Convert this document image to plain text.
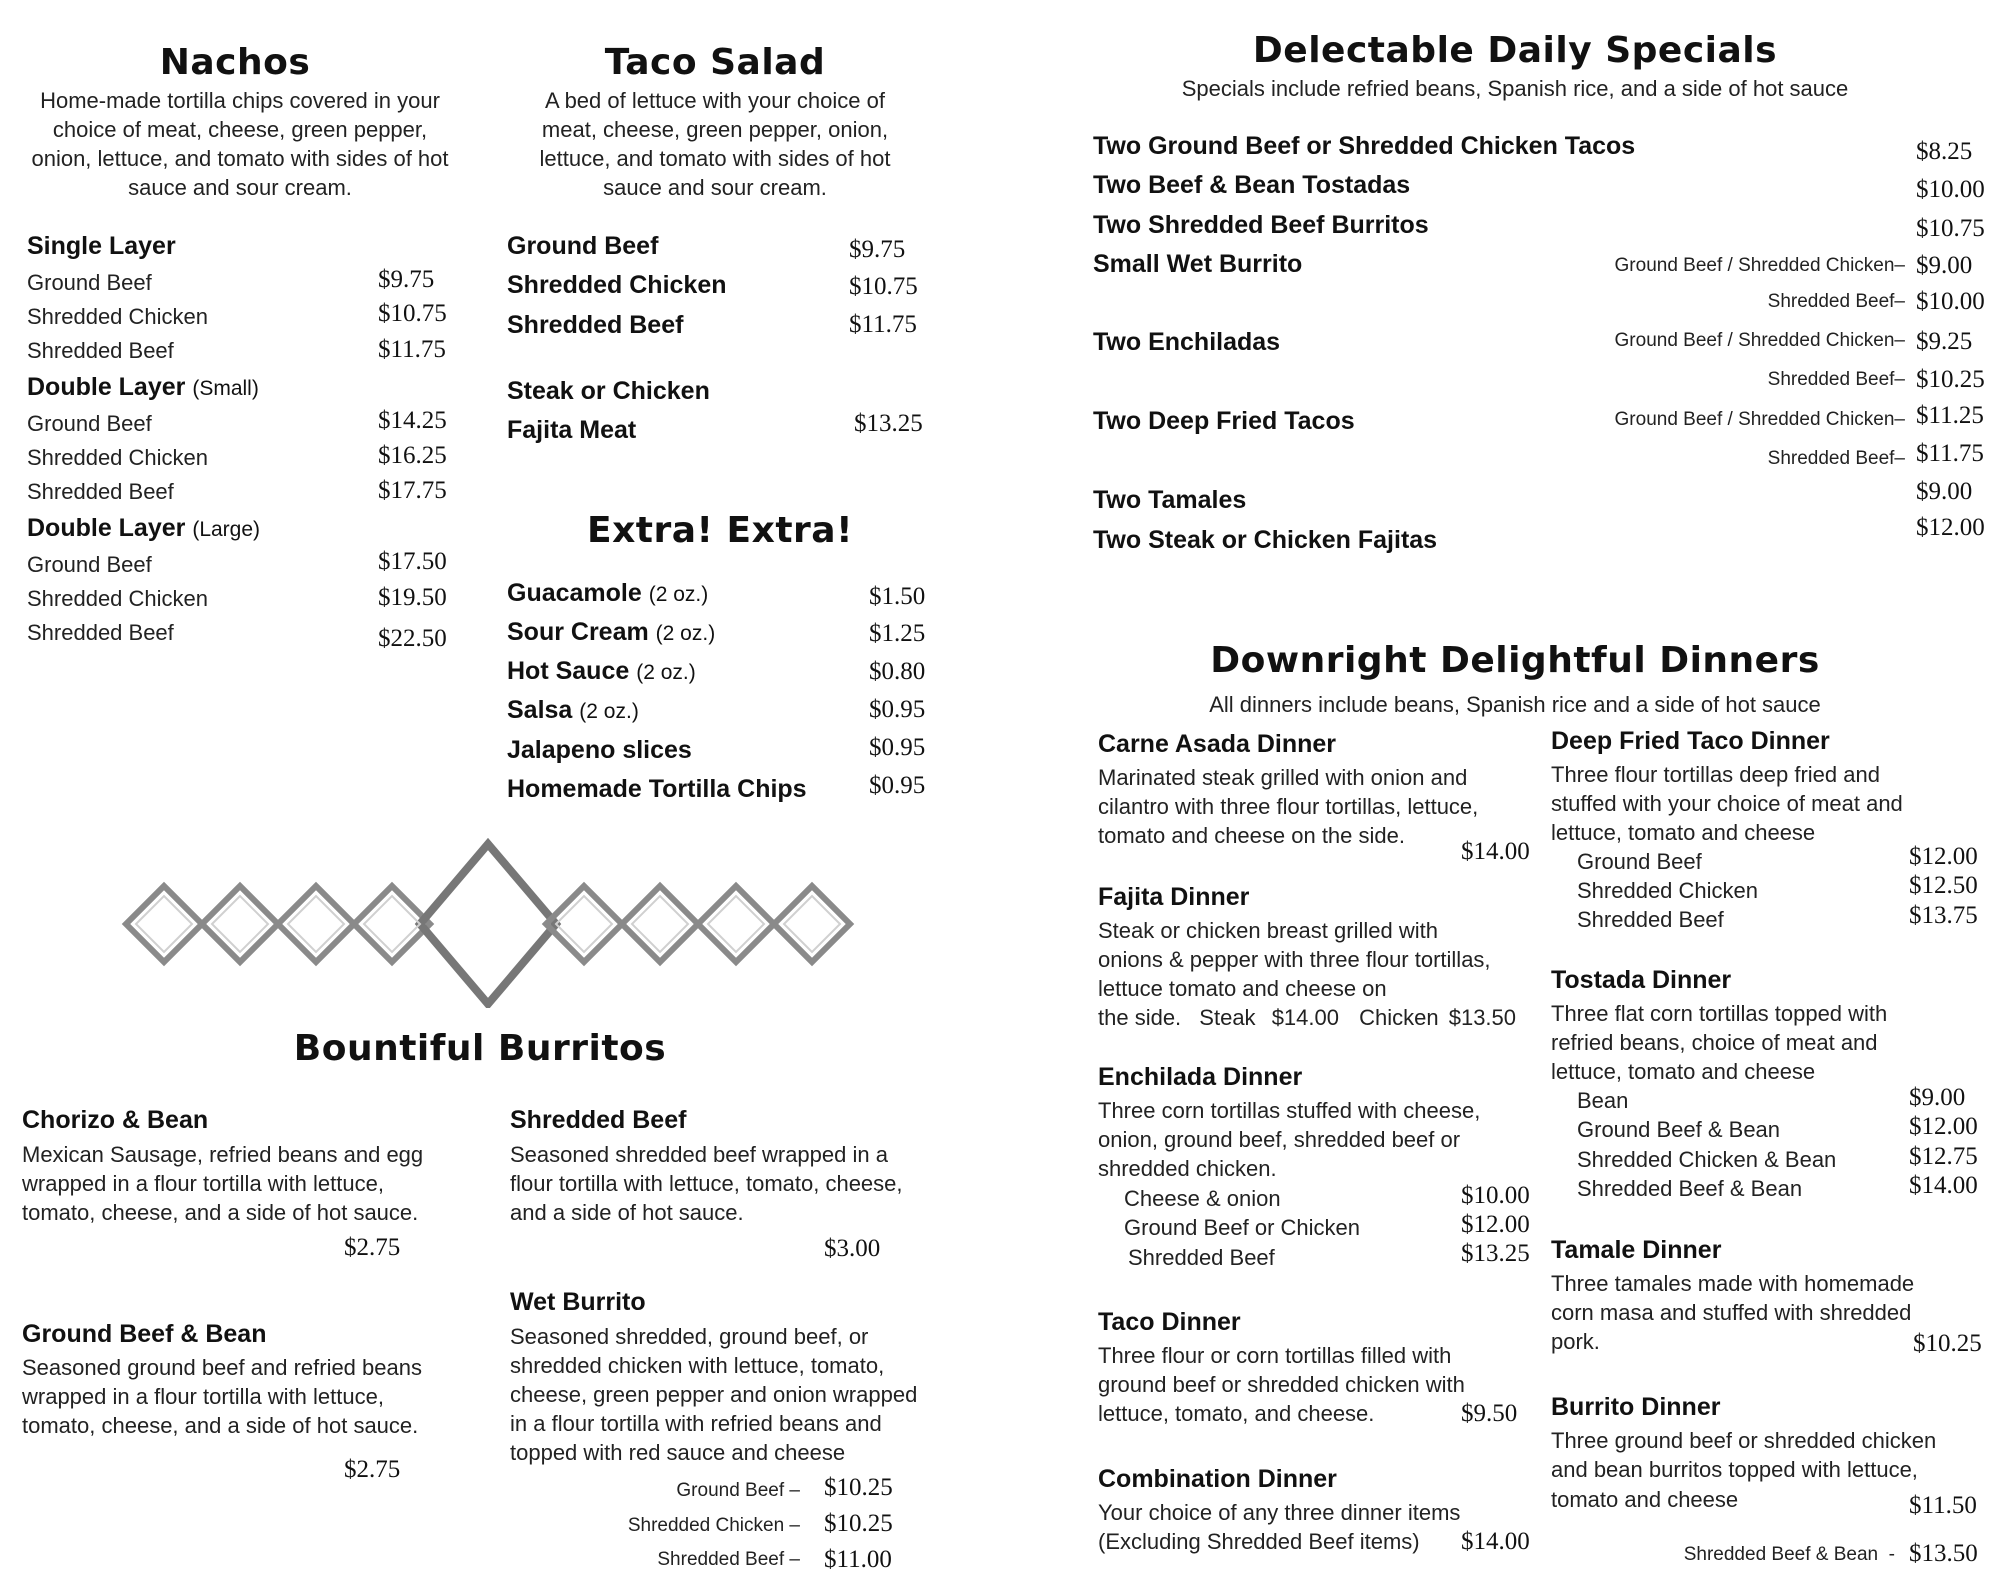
Nachos
Home-made tortilla chips covered in your choice of meat, cheese, green pepper, onion, lettuce, and tomato with sides of hot sauce and sour cream.
Single Layer
Ground Beef	$9.75
Shredded Chicken	$10.75
Shredded Beef	$11.75
Double Layer (Small)
Ground Beef	$14.25
Shredded Chicken	$16.25
Shredded Beef	$17.75
Double Layer (Large)
Ground Beef	$17.50
Shredded Chicken	$19.50
Shredded Beef	$22.50
Taco Salad
A bed of lettuce with your choice of meat, cheese, green pepper, onion, lettuce, and tomato with sides of hot sauce and sour cream.
Ground Beef	$9.75
Shredded Chicken	$10.75
Shredded Beef	$11.75
Steak or Chicken
Fajita Meat	$13.25
Extra! Extra!
Guacamole (2 oz.)	$1.50
Sour Cream (2 oz.)	$1.25
Hot Sauce (2 oz.)	$0.80
Salsa (2 oz.)	$0.95
Jalapeno slices	$0.95
Homemade Tortilla Chips $0.95
Bountiful Burritos
Chorizo & Bean
Mexican Sausage, refried beans and egg wrapped in a flour tortilla with lettuce, tomato, cheese, and a side of hot sauce.
$2.75
Ground Beef & Bean
Seasoned ground beef and refried beans wrapped in a flour tortilla with lettuce, tomato, cheese, and a side of hot sauce.
$2.75
Shredded Beef
Seasoned shredded beef wrapped in a flour tortilla with lettuce, tomato, cheese, and a side of hot sauce.
$3.00
Wet Burrito
Seasoned shredded, ground beef, or shredded chicken with lettuce, tomato, cheese, green pepper and onion wrapped in a flour tortilla with refried beans and topped with red sauce and cheese
Ground Beef – $10.25
Shredded Chicken – $10.25
Shredded Beef – $11.00
Delectable Daily Specials
Specials include refried beans, Spanish rice, and a side of hot sauce
Two Ground Beef or Shredded Chicken Tacos	$8.25
Two Beef & Bean Tostadas	$10.00
Two Shredded Beef Burritos	$10.75
Small Wet Burrito	Ground Beef / Shredded Chicken– $9.00
Shredded Beef– $10.00
Two Enchiladas	Ground Beef / Shredded Chicken– $9.25
Shredded Beef– $10.25
Two Deep Fried Tacos	Ground Beef / Shredded Chicken– $11.25
Shredded Beef– $11.75
Two Tamales	$9.00
Two Steak or Chicken Fajitas	$12.00
Downright Delightful Dinners
All dinners include beans, Spanish rice and a side of hot sauce
Carne Asada Dinner
Marinated steak grilled with onion and cilantro with three flour tortillas, lettuce, tomato and cheese on the side.
$14.00
Fajita Dinner
Steak or chicken breast grilled with onions & pepper with three flour tortillas, lettuce tomato and cheese on
the side. Steak $14.00 Chicken $13.50
Enchilada Dinner
Three corn tortillas stuffed with cheese, onion, ground beef, shredded beef or shredded chicken.
Cheese & onion	$10.00
Ground Beef or Chicken	$12.00
Shredded Beef	$13.25
Taco Dinner
Three flour or corn tortillas filled with ground beef or shredded chicken with
lettuce, tomato, and cheese.	$9.50
Combination Dinner
Your choice of any three dinner items
(Excluding Shredded Beef items) $14.00
Deep Fried Taco Dinner
Three flour tortillas deep fried and stuffed with your choice of meat and lettuce, tomato and cheese
Ground Beef	$12.00
Shredded Chicken	$12.50
Shredded Beef	$13.75
Tostada Dinner
Three flat corn tortillas topped with refried beans, choice of meat and lettuce, tomato and cheese
Bean	$9.00
Ground Beef & Bean	$12.00
Shredded Chicken & Bean	$12.75
Shredded Beef & Bean	$14.00
Tamale Dinner
Three tamales made with homemade corn masa and stuffed with shredded
pork.	$10.25
Burrito Dinner
Three ground beef or shredded chicken and bean burritos topped with lettuce,
tomato and cheese	$11.50
Shredded Beef & Bean  - $13.50
